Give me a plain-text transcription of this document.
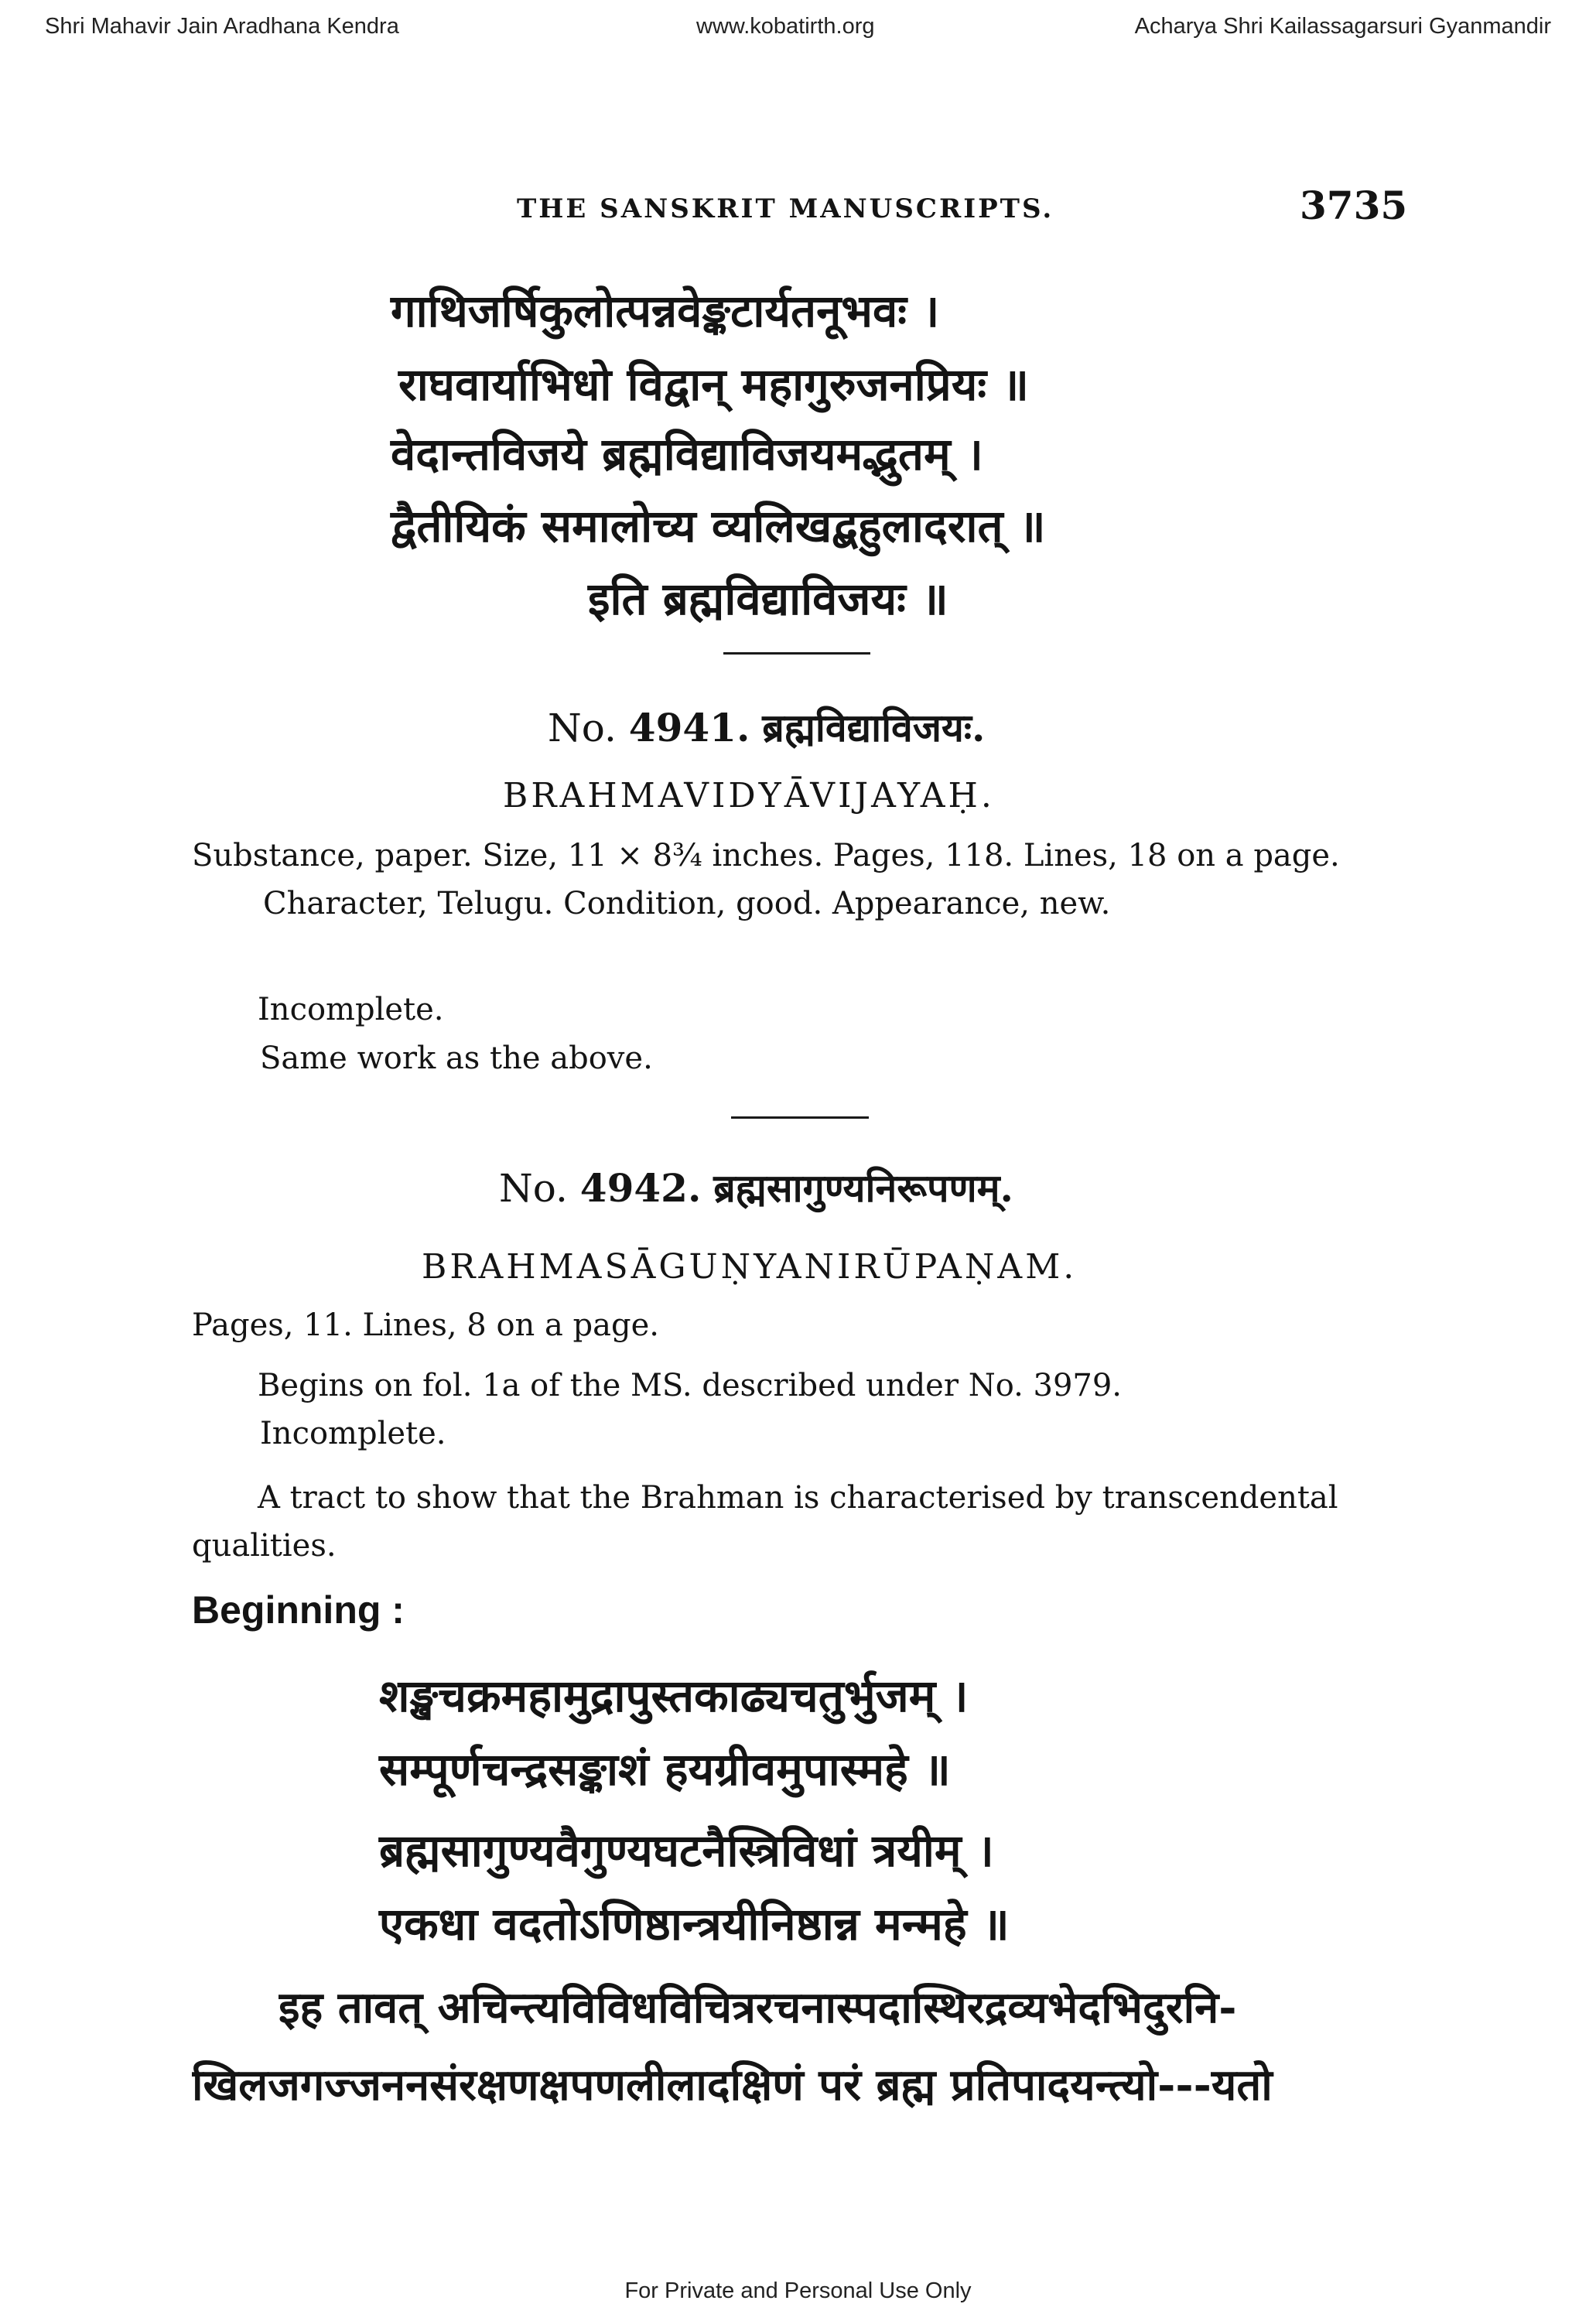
Shri Mahavir Jain Aradhana Kendra	www.kobatirth.org	Acharya Shri Kailassagarsuri Gyanmandir
THE SANSKRIT MANUSCRIPTS.	3735
गाथिजर्षिकुलोत्पन्नवेङ्कटार्यतनूभवः ।
राघवार्याभिधो विद्वान् महागुरुजनप्रियः ॥
वेदान्तविजये ब्रह्मविद्याविजयमद्भुतम् ।
द्वैतीयिकं समालोच्य व्यलिखद्बहुलादरात् ॥
इति ब्रह्मविद्याविजयः ॥
No. 4941. ब्रह्मविद्याविजयः.
BRAHMAVIDYĀVIJAYAḤ.
Substance, paper. Size, 11 × 8¾ inches. Pages, 118. Lines, 18 on a page. Character, Telugu. Condition, good. Appearance, new.
Incomplete.
Same work as the above.
No. 4942. ब्रह्मसागुण्यनिरूपणम्.
BRAHMASĀGUṆYANIRŪPAṆAM.
Pages, 11. Lines, 8 on a page.
Begins on fol. 1a of the MS. described under No. 3979.
Incomplete.
A tract to show that the Brahman is characterised by transcendental qualities.
Beginning :
शङ्खचक्रमहामुद्रापुस्तकाढ्यचतुर्भुजम् ।
सम्पूर्णचन्द्रसङ्काशं हयग्रीवमुपास्महे ॥
ब्रह्मसागुण्यवैगुण्यघटनैस्त्रिविधां त्रयीम् ।
एकधा वदतोऽणिष्ठान्त्रयीनिष्ठान्न मन्महे ॥
इह तावत् अचिन्त्यविविधविचित्ररचनास्पदास्थिरद्रव्यभेदभिदुरनि-
खिलजगज्जननसंरक्षणक्षपणलीलादक्षिणं परं ब्रह्म प्रतिपादयन्त्यो---यतो
For Private and Personal Use Only
